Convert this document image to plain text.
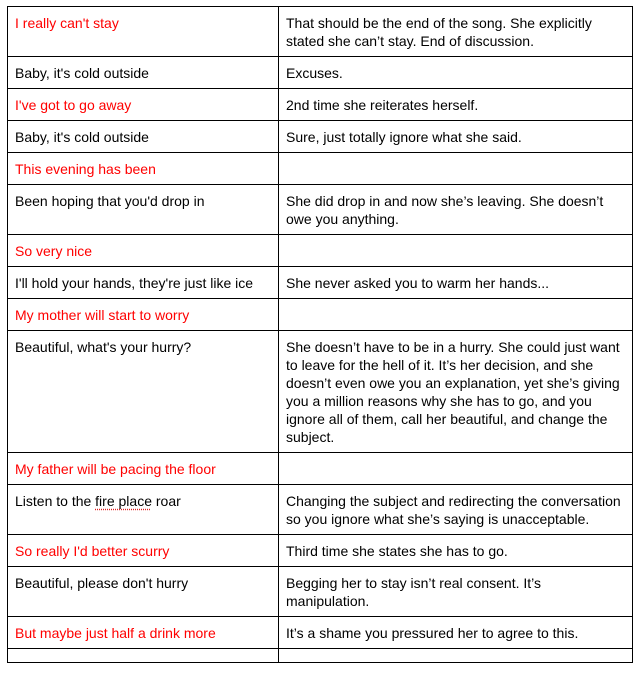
I really can't stay	That should be the end of the song. She explicitly stated she can’t stay. End of discussion.
Baby, it's cold outside	Excuses.
I've got to go away	2nd time she reiterates herself.
Baby, it's cold outside	Sure, just totally ignore what she said.
This evening has been	
Been hoping that you'd drop in	She did drop in and now she’s leaving. She doesn’t owe you anything.
So very nice	
I'll hold your hands, they're just like ice	She never asked you to warm her hands...
My mother will start to worry	
Beautiful, what's your hurry?	She doesn’t have to be in a hurry. She could just want to leave for the hell of it. It’s her decision, and she doesn’t even owe you an explanation, yet she’s giving you a million reasons why she has to go, and you ignore all of them, call her beautiful, and change the subject.
My father will be pacing the floor	
Listen to the fire place roar	Changing the subject and redirecting the conversation so you ignore what she’s saying is unacceptable.
So really I'd better scurry	Third time she states she has to go.
Beautiful, please don't hurry	Begging her to stay isn’t real consent. It’s manipulation.
But maybe just half a drink more	It’s a shame you pressured her to agree to this.
